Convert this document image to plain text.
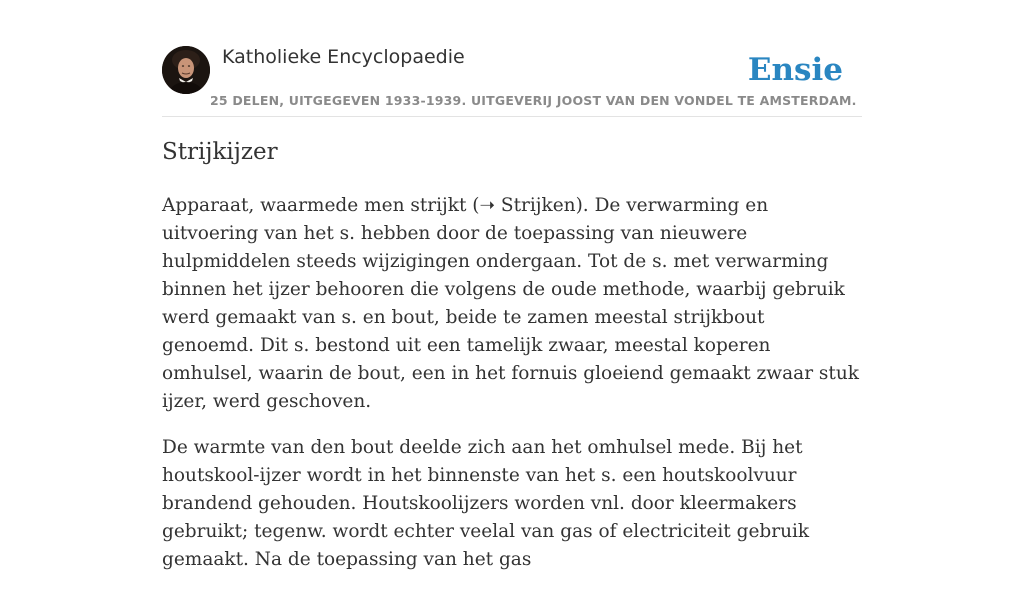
Katholieke Encyclopaedie	Ensie
25 DELEN, UITGEGEVEN 1933-1939. UITGEVERIJ JOOST VAN DEN VONDEL TE AMSTERDAM.
Strijkijzer

Apparaat, waarmede men strijkt (➝ Strijken). De verwarming en uitvoering van het s. hebben door de toepassing van nieuwere hulpmiddelen steeds wijzigingen ondergaan. Tot de s. met verwarming binnen het ijzer behooren die volgens de oude methode, waarbij gebruik werd gemaakt van s. en bout, beide te zamen meestal strijkbout genoemd. Dit s. bestond uit een tamelijk zwaar, meestal koperen omhulsel, waarin de bout, een in het fornuis gloeiend gemaakt zwaar stuk ijzer, werd geschoven.

De warmte van den bout deelde zich aan het omhulsel mede. Bij het houtskool-ijzer wordt in het binnenste van het s. een houtskoolvuur brandend gehouden. Houtskoolijzers worden vnl. door kleermakers gebruikt; tegenw. wordt echter veelal van gas of electriciteit gebruik gemaakt. Na de toepassing van het gas
